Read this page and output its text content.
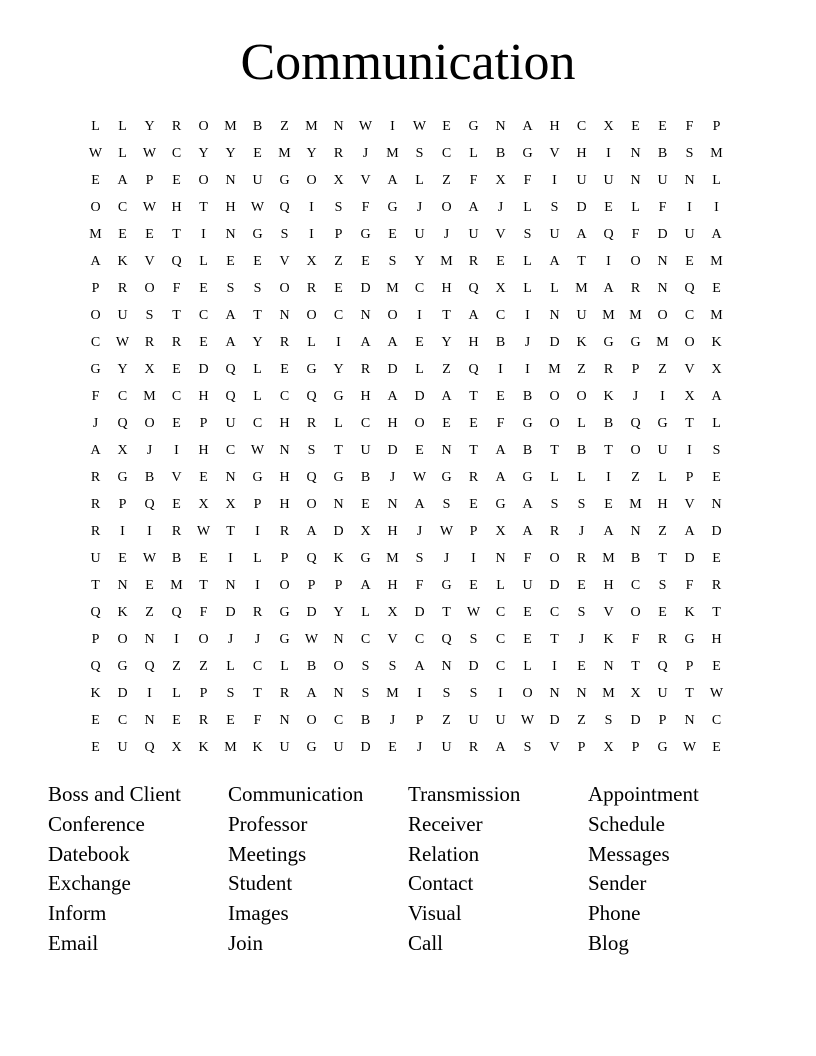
Communication
L	L	Y	R	O	M	B	Z	M	N	W	I	W	E	G	N	A	H	C	X	E	E	F	P
W	L	W	C	Y	Y	E	M	Y	R	J	M	S	C	L	B	G	V	H	I	N	B	S	M
E	A	P	E	O	N	U	G	O	X	V	A	L	Z	F	X	F	I	U	U	N	U	N	L
O	C	W	H	T	H	W	Q	I	S	F	G	J	O	A	J	L	S	D	E	L	F	I	I
M	E	E	T	I	N	G	S	I	P	G	E	U	J	U	V	S	U	A	Q	F	D	U	A
A	K	V	Q	L	E	E	V	X	Z	E	S	Y	M	R	E	L	A	T	I	O	N	E	M
P	R	O	F	E	S	S	O	R	E	D	M	C	H	Q	X	L	L	M	A	R	N	Q	E
O	U	S	T	C	A	T	N	O	C	N	O	I	T	A	C	I	N	U	M	M	O	C	M
C	W	R	R	E	A	Y	R	L	I	A	A	E	Y	H	B	J	D	K	G	G	M	O	K
G	Y	X	E	D	Q	L	E	G	Y	R	D	L	Z	Q	I	I	M	Z	R	P	Z	V	X
F	C	M	C	H	Q	L	C	Q	G	H	A	D	A	T	E	B	O	O	K	J	I	X	A
J	Q	O	E	P	U	C	H	R	L	C	H	O	E	E	F	G	O	L	B	Q	G	T	L
A	X	J	I	H	C	W	N	S	T	U	D	E	N	T	A	B	T	B	T	O	U	I	S
R	G	B	V	E	N	G	H	Q	G	B	J	W	G	R	A	G	L	L	I	Z	L	P	E
R	P	Q	E	X	X	P	H	O	N	E	N	A	S	E	G	A	S	S	E	M	H	V	N
R	I	I	R	W	T	I	R	A	D	X	H	J	W	P	X	A	R	J	A	N	Z	A	D
U	E	W	B	E	I	L	P	Q	K	G	M	S	J	I	N	F	O	R	M	B	T	D	E
T	N	E	M	T	N	I	O	P	P	A	H	F	G	E	L	U	D	E	H	C	S	F	R
Q	K	Z	Q	F	D	R	G	D	Y	L	X	D	T	W	C	E	C	S	V	O	E	K	T
P	O	N	I	O	J	J	G	W	N	C	V	C	Q	S	C	E	T	J	K	F	R	G	H
Q	G	Q	Z	Z	L	C	L	B	O	S	S	A	N	D	C	L	I	E	N	T	Q	P	E
K	D	I	L	P	S	T	R	A	N	S	M	I	S	S	I	O	N	N	M	X	U	T	W
E	C	N	E	R	E	F	N	O	C	B	J	P	Z	U	U	W	D	Z	S	D	P	N	C
E	U	Q	X	K	M	K	U	G	U	D	E	J	U	R	A	S	V	P	X	P	G	W	E
Boss and Client
Conference
Datebook
Exchange
Inform
Email
Communication
Professor
Meetings
Student
Images
Join
Transmission
Receiver
Relation
Contact
Visual
Call
Appointment
Schedule
Messages
Sender
Phone
Blog
